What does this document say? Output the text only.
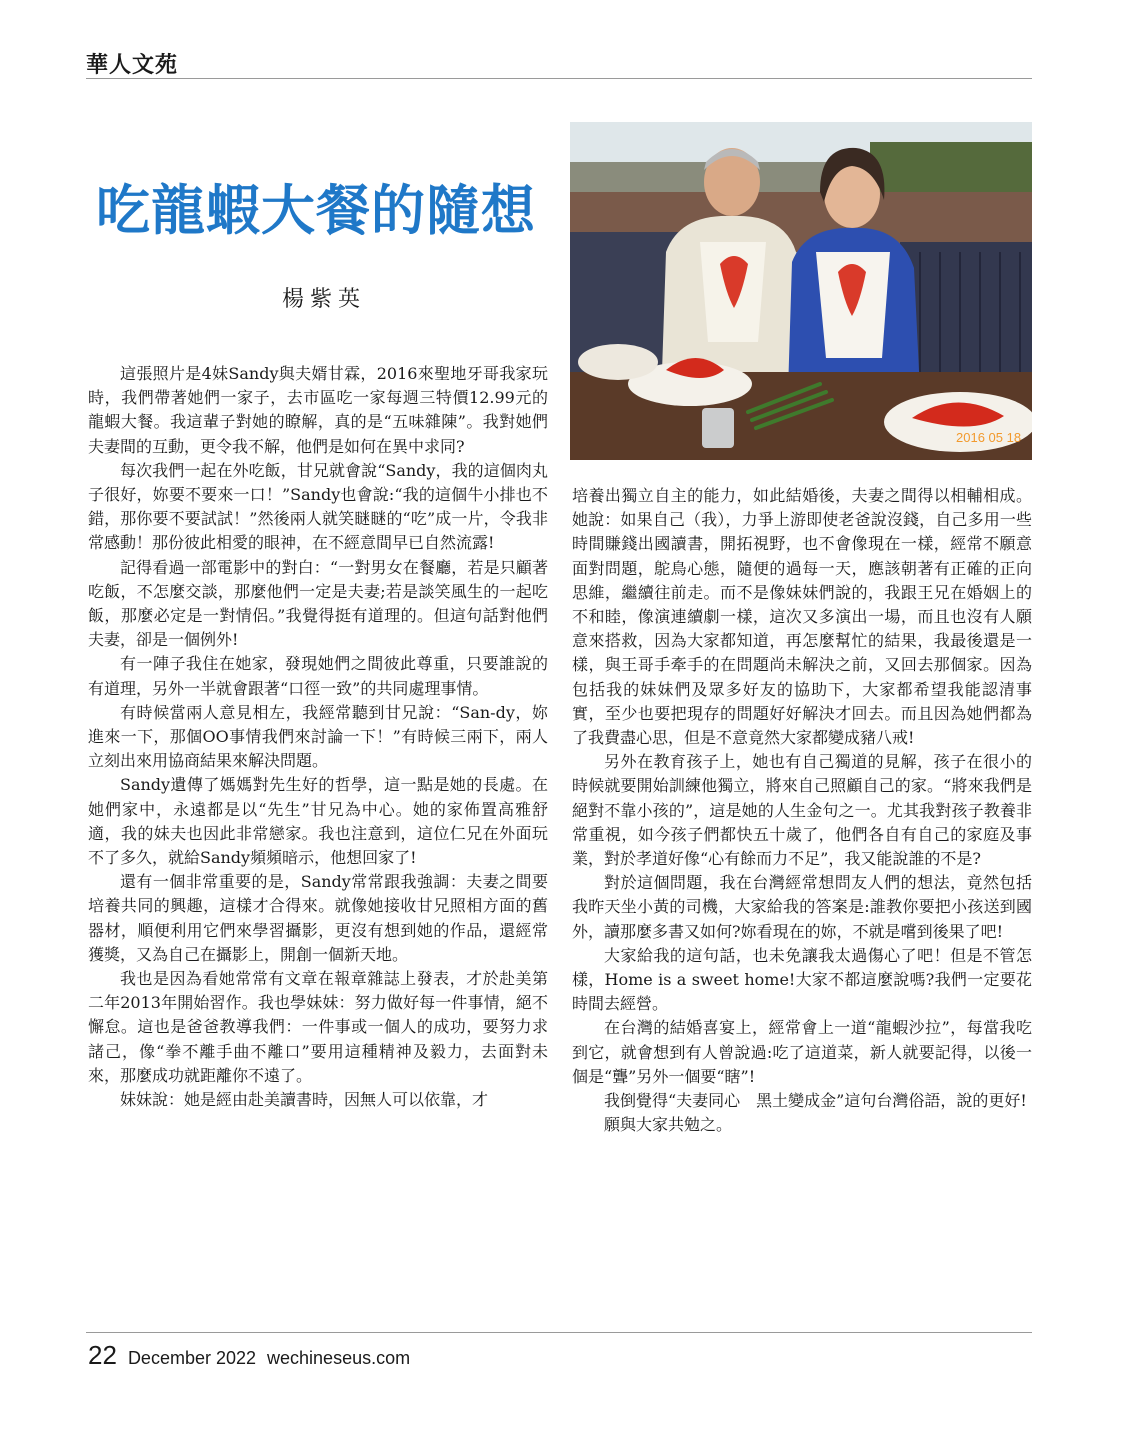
華人文苑
吃龍蝦大餐的隨想
楊紫英
2016 05 18

這張照片是4妹Sandy與夫婿甘霖，2016來聖地牙哥我家玩時，我們帶著她們一家子，去市區吃一家每週三特價12.99元的龍蝦大餐。我這輩子對她的瞭解，真的是“五味雜陳”。我對她們夫妻間的互動，更令我不解，他們是如何在異中求同?

每次我們一起在外吃飯，甘兄就會說“Sandy，我的這個肉丸子很好，妳要不要來一口！”Sandy也會說:“我的這個牛小排也不錯，那你要不要試試！”然後兩人就笑瞇瞇的“吃”成一片，令我非常感動！那份彼此相愛的眼神，在不經意間早已自然流露!

記得看過一部電影中的對白：“一對男女在餐廳，若是只顧著吃飯，不怎麼交談，那麼他們一定是夫妻;若是談笑風生的一起吃飯，那麼必定是一對情侶。”我覺得挺有道理的。但這句話對他們夫妻，卻是一個例外!

有一陣子我住在她家，發現她們之間彼此尊重，只要誰說的有道理，另外一半就會跟著“口徑一致”的共同處理事情。

有時候當兩人意見相左，我經常聽到甘兄說：“San-dy，妳進來一下，那個OO事情我們來討論一下！”有時候三兩下，兩人立刻出來用協商結果來解決問題。

Sandy遺傳了媽媽對先生好的哲學，這一點是她的長處。在她們家中，永遠都是以“先生”甘兄為中心。她的家佈置高雅舒適，我的妹夫也因此非常戀家。我也注意到，這位仁兄在外面玩不了多久，就給Sandy頻頻暗示，他想回家了!

還有一個非常重要的是，Sandy常常跟我強調：夫妻之間要培養共同的興趣，這樣才合得來。就像她接收甘兄照相方面的舊器材，順便利用它們來學習攝影，更沒有想到她的作品，還經常獲獎，又為自己在攝影上，開創一個新天地。

我也是因為看她常常有文章在報章雜誌上發表，才於赴美第二年2013年開始習作。我也學妹妹：努力做好每一件事情，絕不懈怠。這也是爸爸教導我們：一件事或一個人的成功，要努力求諸己，像“拳不離手曲不離口”要用這種精神及毅力，去面對未來，那麼成功就距離你不遠了。

妹妹說：她是經由赴美讀書時，因無人可以依靠，才

培養出獨立自主的能力，如此結婚後，夫妻之間得以相輔相成。她說：如果自己（我），力爭上游即使老爸說沒錢，自己多用一些時間賺錢出國讀書，開拓視野，也不會像現在一樣，經常不願意面對問題，鴕鳥心態，隨便的過每一天，應該朝著有正確的正向思維，繼續往前走。而不是像妹妹們說的，我跟王兄在婚姻上的不和睦，像演連續劇一樣，這次又多演出一場，而且也沒有人願意來搭救，因為大家都知道，再怎麼幫忙的結果，我最後還是一樣，與王哥手牽手的在問題尚未解決之前，又回去那個家。因為包括我的妹妹們及眾多好友的協助下，大家都希望我能認清事實，至少也要把現存的問題好好解決才回去。而且因為她們都為了我費盡心思，但是不意竟然大家都變成豬八戒!

另外在教育孩子上，她也有自己獨道的見解，孩子在很小的時候就要開始訓練他獨立，將來自己照顧自己的家。“將來我們是絕對不靠小孩的”，這是她的人生金句之一。尤其我對孩子教養非常重視，如今孩子們都快五十歲了，他們各自有自己的家庭及事業，對於孝道好像“心有餘而力不足”，我又能說誰的不是?

對於這個問題，我在台灣經常想問友人們的想法，竟然包括我昨天坐小黃的司機，大家給我的答案是:誰教你要把小孩送到國外，讀那麼多書又如何?妳看現在的妳，不就是嚐到後果了吧!

大家給我的這句話，也未免讓我太過傷心了吧！但是不管怎樣，Home is a sweet home!大家不都這麼說嗎?我們一定要花時間去經營。

在台灣的結婚喜宴上，經常會上一道“龍蝦沙拉”，每當我吃到它，就會想到有人曾說過:吃了這道菜，新人就要記得，以後一個是“聾”另外一個要“瞎”!

我倒覺得“夫妻同心　黑土變成金”這句台灣俗語，說的更好!

願與大家共勉之。

22 December 2022 wechineseus.com
